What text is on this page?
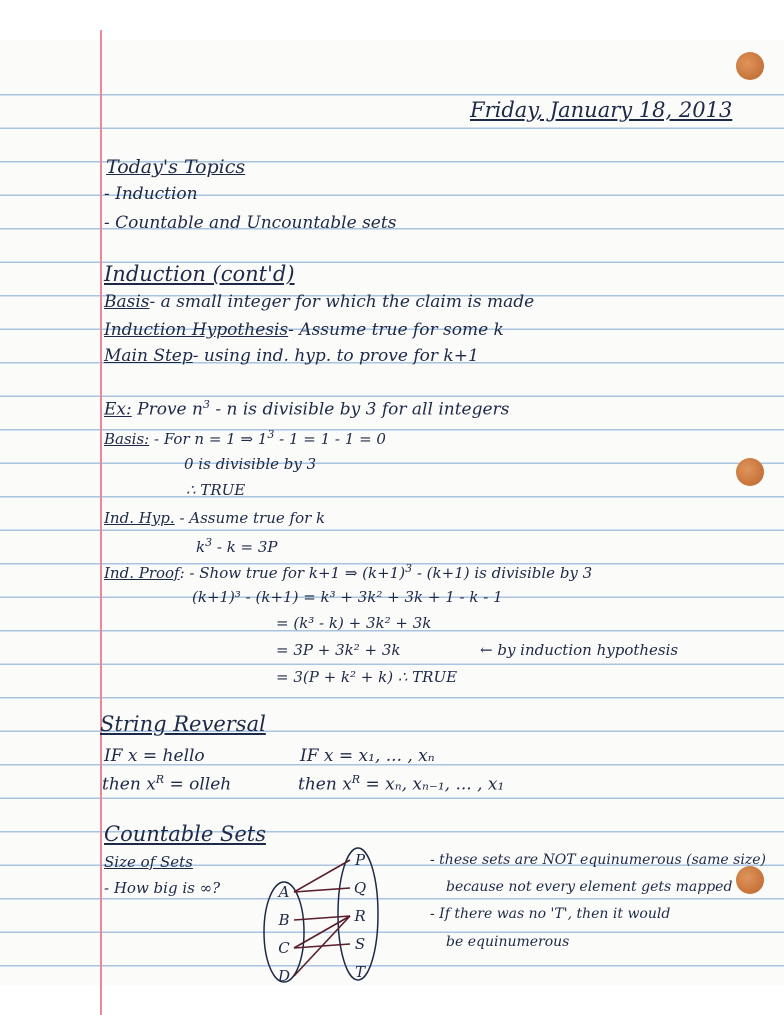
Friday, January 18, 2013
Today's Topics
- Induction
- Countable and Uncountable sets
Induction (cont'd)
Basis- a small integer for which the claim is made
Induction Hypothesis- Assume true for some k
Main Step- using ind. hyp. to prove for k+1
Ex: Prove $n^3$ - n is divisible by 3 for all integers
Basis: - For n = 1 ⇒ $1^3 - 1 = 1 - 1 = 0$
0 is divisible by 3
∴ TRUE
Ind. Hyp. - Assume true for k
$k^3 - k = 3P$
Ind. Proof: - Show true for k+1 ⇒ $(k+1)^3 - (k+1)$ is divisible by 3
(k+1)³ - (k+1) = k³ + 3k² + 3k + 1 - k - 1
= (k³ - k) + 3k² + 3k
= 3P + 3k² + 3k	← by induction hypothesis
= 3(P + k² + k) ∴ TRUE
String Reversal
IF x = hello
then $x^R$ = olleh
IF x = x₁, ... , xₙ
then $x^R = x_n$, xₙ₋₁, ... , x₁
Countable Sets
Size of Sets
- How big is ∞?
- these sets are NOT equinumerous (same size)
because not every element gets mapped
- If there was no 'T', then it would
be equinumerous
A
B
C
D
P
Q
R
S
T
